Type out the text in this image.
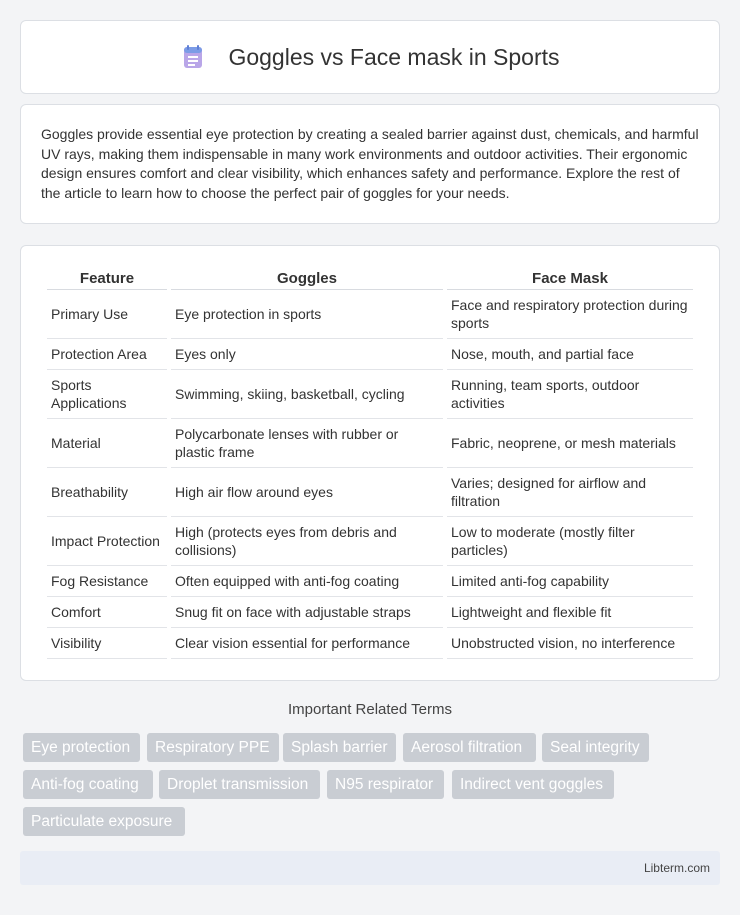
Goggles vs Face mask in Sports

Goggles provide essential eye protection by creating a sealed barrier against dust, chemicals, and harmful UV rays, making them indispensable in many work environments and outdoor activities. Their ergonomic design ensures comfort and clear visibility, which enhances safety and performance. Explore the rest of the article to learn how to choose the perfect pair of goggles for your needs.

Feature	Goggles	Face Mask
Primary Use	Eye protection in sports	Face and respiratory protection during sports
Protection Area	Eyes only	Nose, mouth, and partial face
Sports Applications	Swimming, skiing, basketball, cycling	Running, team sports, outdoor activities
Material	Polycarbonate lenses with rubber or plastic frame	Fabric, neoprene, or mesh materials
Breathability	High air flow around eyes	Varies; designed for airflow and filtration
Impact Protection	High (protects eyes from debris and collisions)	Low to moderate (mostly filter particles)
Fog Resistance	Often equipped with anti-fog coating	Limited anti-fog capability
Comfort	Snug fit on face with adjustable straps	Lightweight and flexible fit
Visibility	Clear vision essential for performance	Unobstructed vision, no interference
Important Related Terms
Eye protection	Respiratory PPE	Splash barrier	Aerosol filtration	Seal integrity
Anti-fog coating	Droplet transmission	N95 respirator	Indirect vent goggles
Particulate exposure
Libterm.com
